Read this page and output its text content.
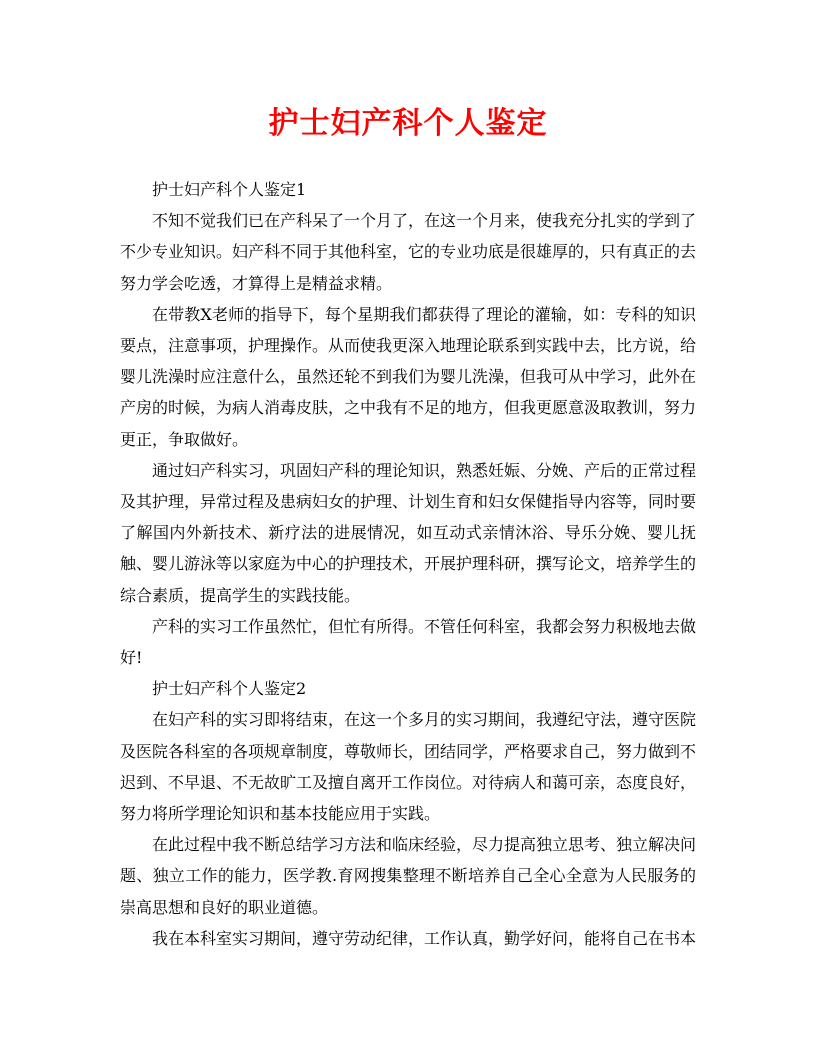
护士妇产科个人鉴定

护士妇产科个人鉴定1

不知不觉我们已在产科呆了一个月了，在这一个月来，使我充分扎实的学到了不少专业知识。妇产科不同于其他科室，它的专业功底是很雄厚的，只有真正的去努力学会吃透，才算得上是精益求精。

在带教X老师的指导下，每个星期我们都获得了理论的灌输，如：专科的知识要点，注意事项，护理操作。从而使我更深入地理论联系到实践中去，比方说，给婴儿洗澡时应注意什么，虽然还轮不到我们为婴儿洗澡，但我可从中学习，此外在产房的时候，为病人消毒皮肤，之中我有不足的地方，但我更愿意汲取教训，努力更正，争取做好。

通过妇产科实习，巩固妇产科的理论知识，熟悉妊娠、分娩、产后的正常过程及其护理，异常过程及患病妇女的护理、计划生育和妇女保健指导内容等，同时要了解国内外新技术、新疗法的进展情况，如互动式亲情沐浴、导乐分娩、婴儿抚触、婴儿游泳等以家庭为中心的护理技术，开展护理科研，撰写论文，培养学生的综合素质，提高学生的实践技能。

产科的实习工作虽然忙，但忙有所得。不管任何科室，我都会努力积极地去做好!

护士妇产科个人鉴定2

在妇产科的实习即将结束，在这一个多月的实习期间，我遵纪守法，遵守医院及医院各科室的各项规章制度，尊敬师长，团结同学，严格要求自己，努力做到不迟到、不早退、不无故旷工及擅自离开工作岗位。对待病人和蔼可亲，态度良好，努力将所学理论知识和基本技能应用于实践。

在此过程中我不断总结学习方法和临床经验，尽力提高独立思考、独立解决问题、独立工作的能力，医学教.育网搜集整理不断培养自己全心全意为人民服务的崇高思想和良好的职业道德。

我在本科室实习期间，遵守劳动纪律，工作认真，勤学好问，能将自己在书本
